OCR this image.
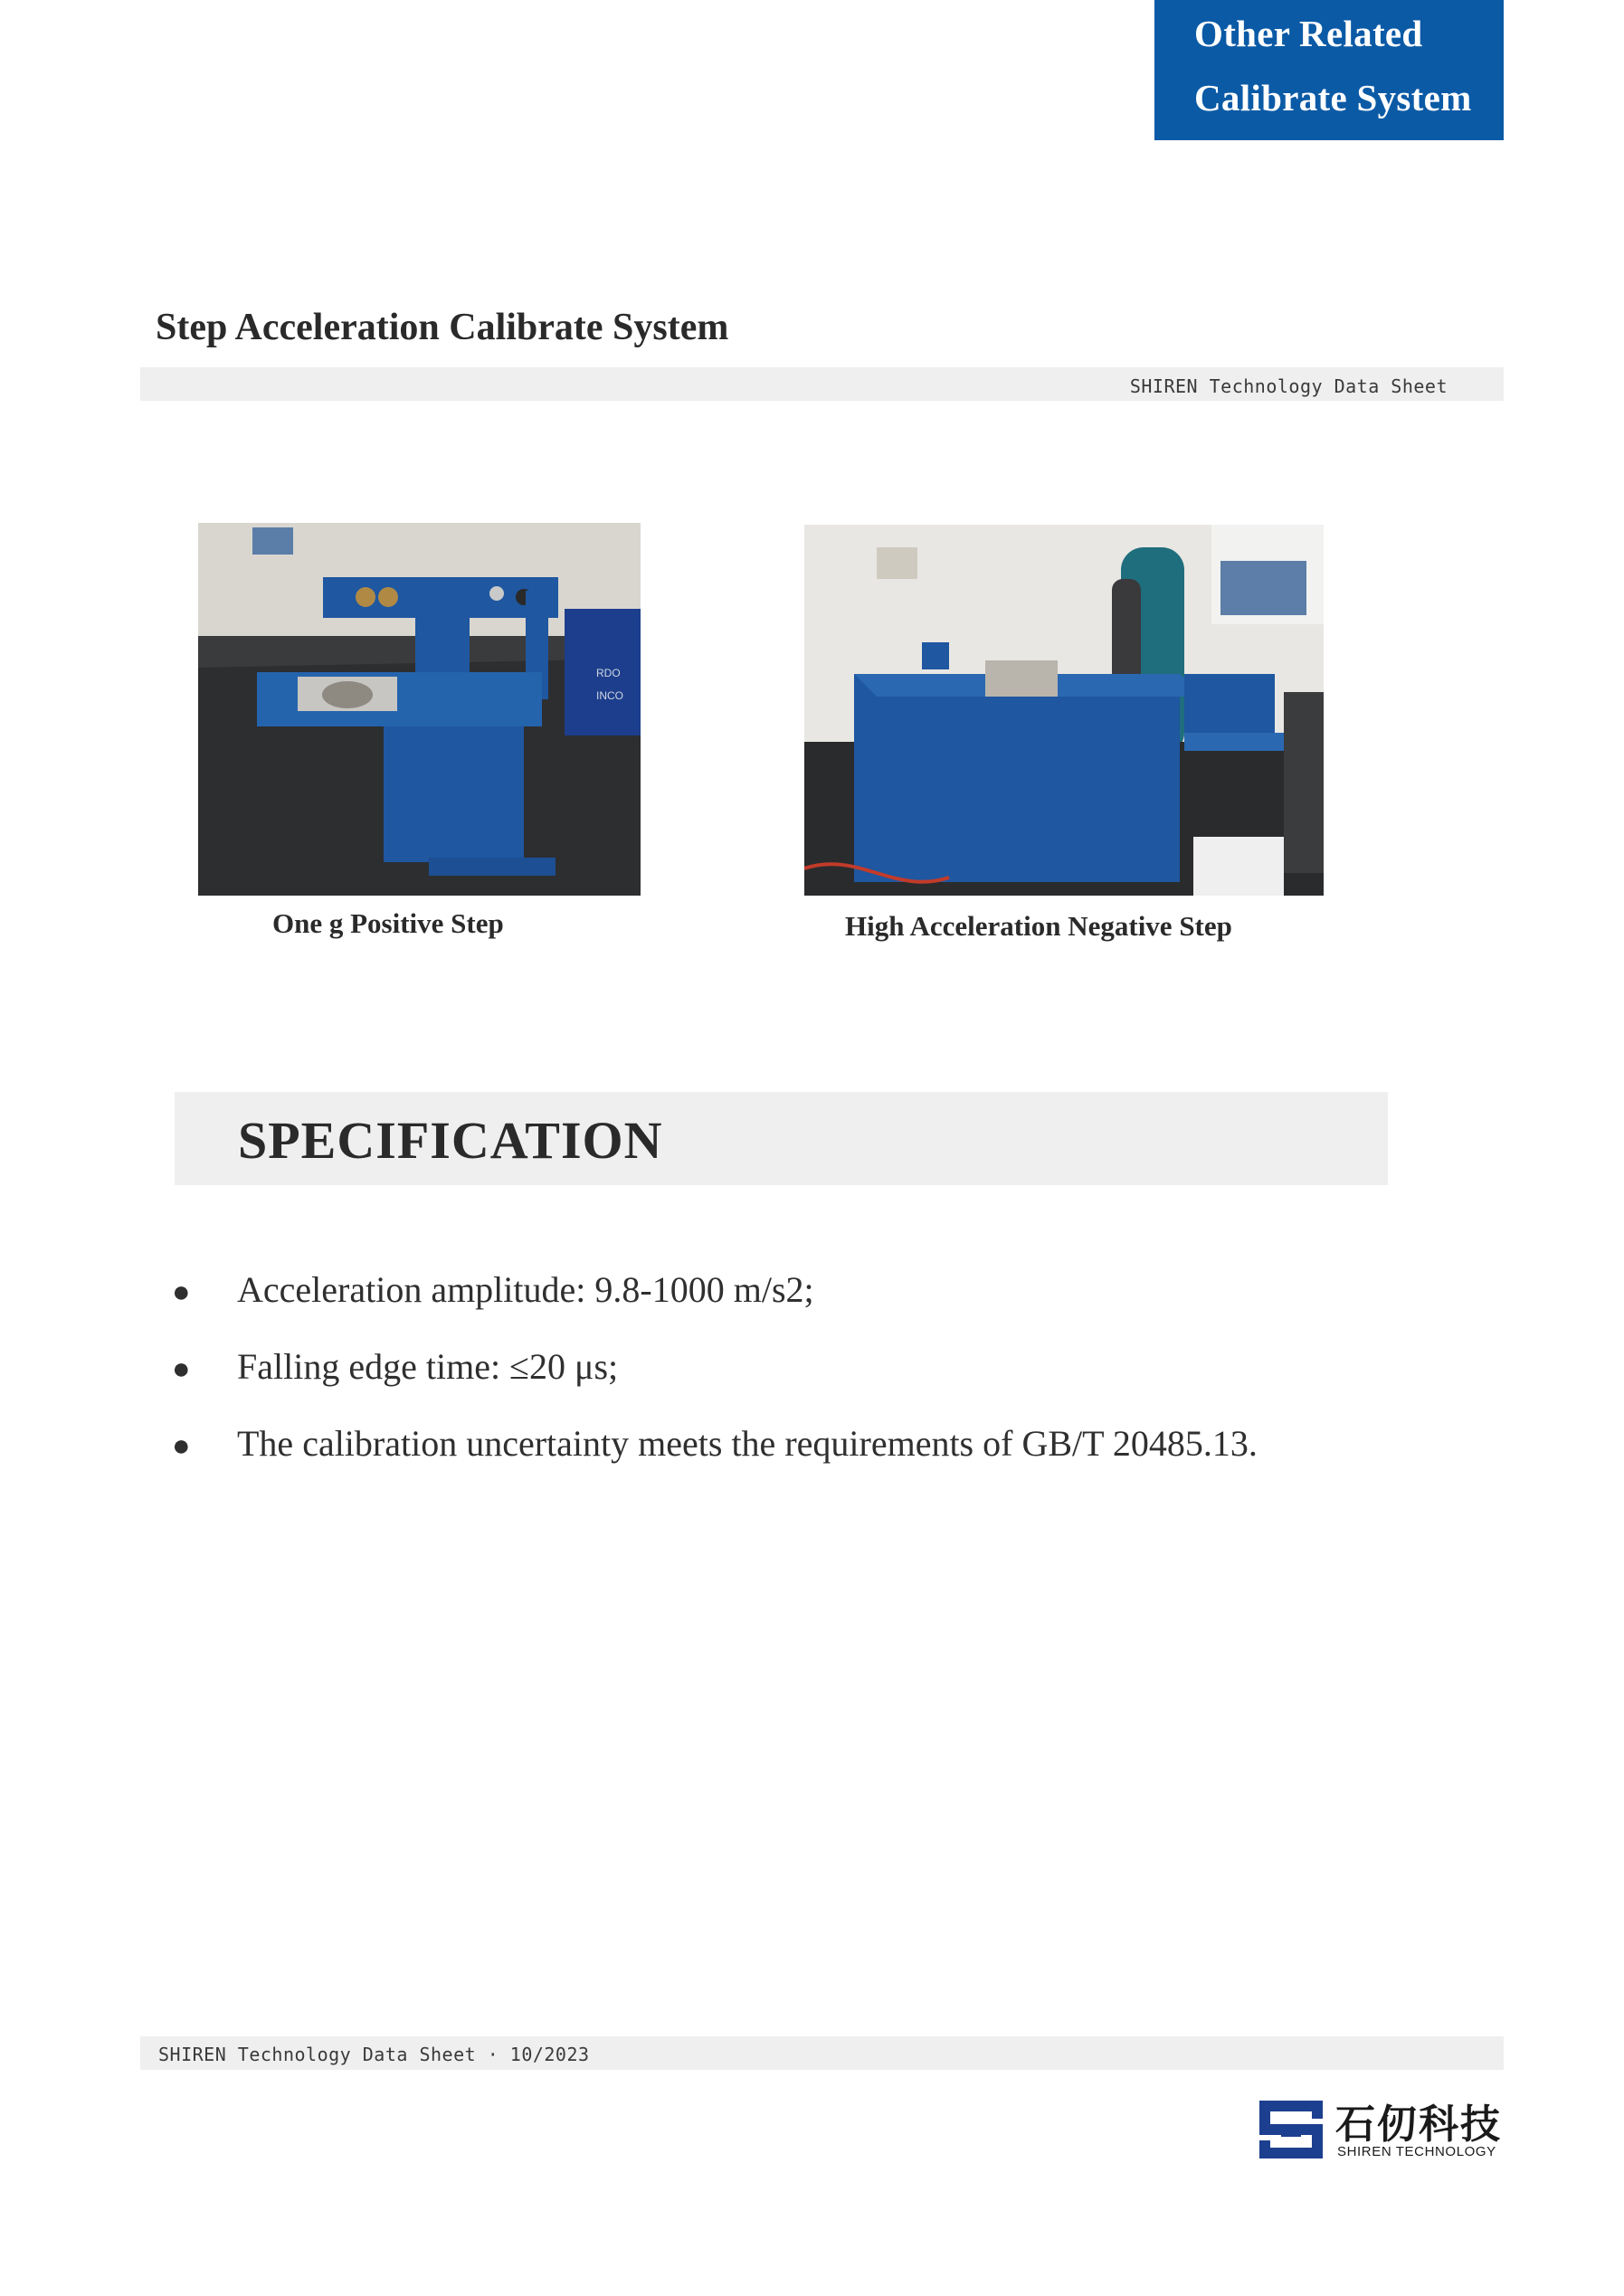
Other Related
Calibrate System
Step Acceleration Calibrate System
SHIREN Technology Data Sheet
RDO
INCO
One g Positive Step	High Acceleration Negative Step
SPECIFICATION
● Acceleration amplitude: 9.8-1000 m/s2;
● Falling edge time: ≤20 μs;
● The calibration uncertainty meets the requirements of GB/T 20485.13.
SHIREN Technology Data Sheet · 10/2023
石仞科技
SHIREN TECHNOLOGY
